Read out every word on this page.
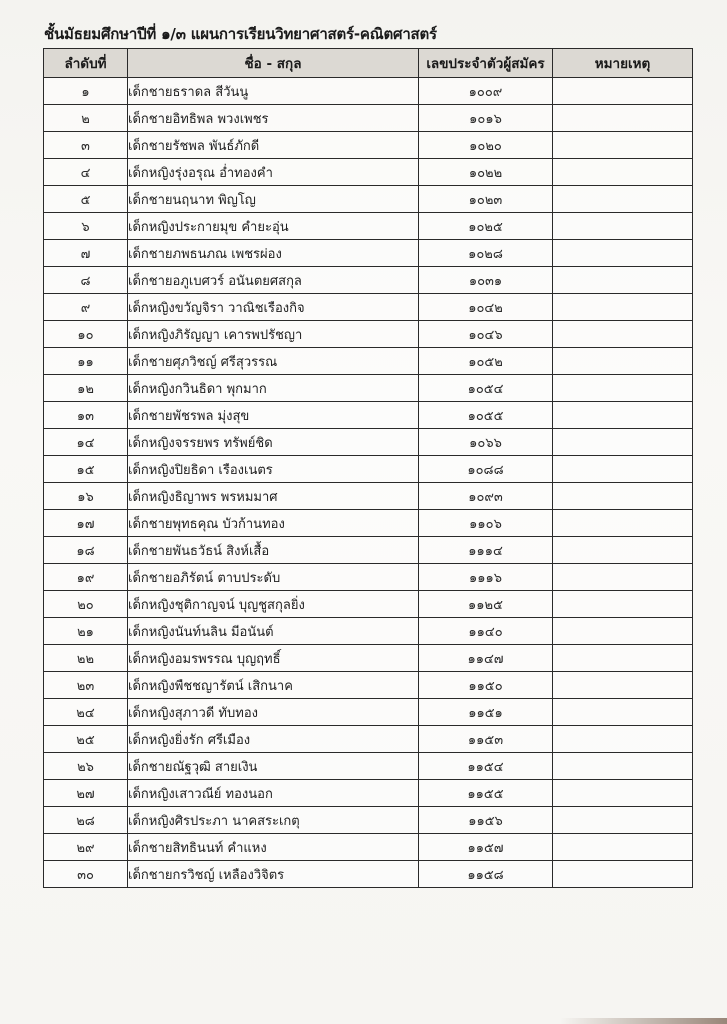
ชั้นมัธยมศึกษาปีที่ ๑/๓ แผนการเรียนวิทยาศาสตร์-คณิตศาสตร์
ลำดับที่	ชื่อ - สกุล	เลขประจำตัวผู้สมัคร	หมายเหตุ
๑	เด็กชายธราดล สีวันนู	๑๐๐๙	
๒	เด็กชายอิทธิพล พวงเพชร	๑๐๑๖	
๓	เด็กชายรัชพล พันธ์ภักดี	๑๐๒๐	
๔	เด็กหญิงรุ่งอรุณ อ่ำทองคำ	๑๐๒๒	
๕	เด็กชายนฤนาท พิญโญ	๑๐๒๓	
๖	เด็กหญิงประกายมุข คำยะอุ่น	๑๐๒๕	
๗	เด็กชายภพธนภณ เพชรผ่อง	๑๐๒๘	
๘	เด็กชายอภูเบศวร์ อนันตยศสกุล	๑๐๓๑	
๙	เด็กหญิงขวัญจิรา วาณิชเรืองกิจ	๑๐๔๒	
๑๐	เด็กหญิงภิรัญญา เคารพปรัชญา	๑๐๔๖	
๑๑	เด็กชายศุภวิชญ์ ศรีสุวรรณ	๑๐๕๒	
๑๒	เด็กหญิงกวินธิดา พุกมาก	๑๐๕๔	
๑๓	เด็กชายพัชรพล มุ่งสุข	๑๐๕๕	
๑๔	เด็กหญิงจรรยพร ทรัพย์ชิด	๑๐๖๖	
๑๕	เด็กหญิงปิยธิดา เรืองเนตร	๑๐๘๘	
๑๖	เด็กหญิงธิญาพร พรหมมาศ	๑๐๙๓	
๑๗	เด็กชายพุทธคุณ บัวก้านทอง	๑๑๐๖	
๑๘	เด็กชายพันธวัธน์ สิงห์เสื้อ	๑๑๑๔	
๑๙	เด็กชายอภิรัตน์ ตาบประดับ	๑๑๑๖	
๒๐	เด็กหญิงชุติกาญจน์ บุญชูสกุลยิ่ง	๑๑๒๕	
๒๑	เด็กหญิงนันท์นลิน มีอนันต์	๑๑๔๐	
๒๒	เด็กหญิงอมรพรรณ บุญฤทธิ์	๑๑๔๗	
๒๓	เด็กหญิงพืชชญารัตน์ เสิกนาค	๑๑๕๐	
๒๔	เด็กหญิงสุภาวดี ทับทอง	๑๑๕๑	
๒๕	เด็กหญิงยิ่งรัก ศรีเมือง	๑๑๕๓	
๒๖	เด็กชายณัฐวุฒิ สายเงิน	๑๑๕๔	
๒๗	เด็กหญิงเสาวณีย์ ทองนอก	๑๑๕๕	
๒๘	เด็กหญิงศิรประภา นาคสระเกตุ	๑๑๕๖	
๒๙	เด็กชายสิทธินนท์ คำแหง	๑๑๕๗	
๓๐	เด็กชายกรวิชญ์ เหลืองวิจิตร	๑๑๕๘	
